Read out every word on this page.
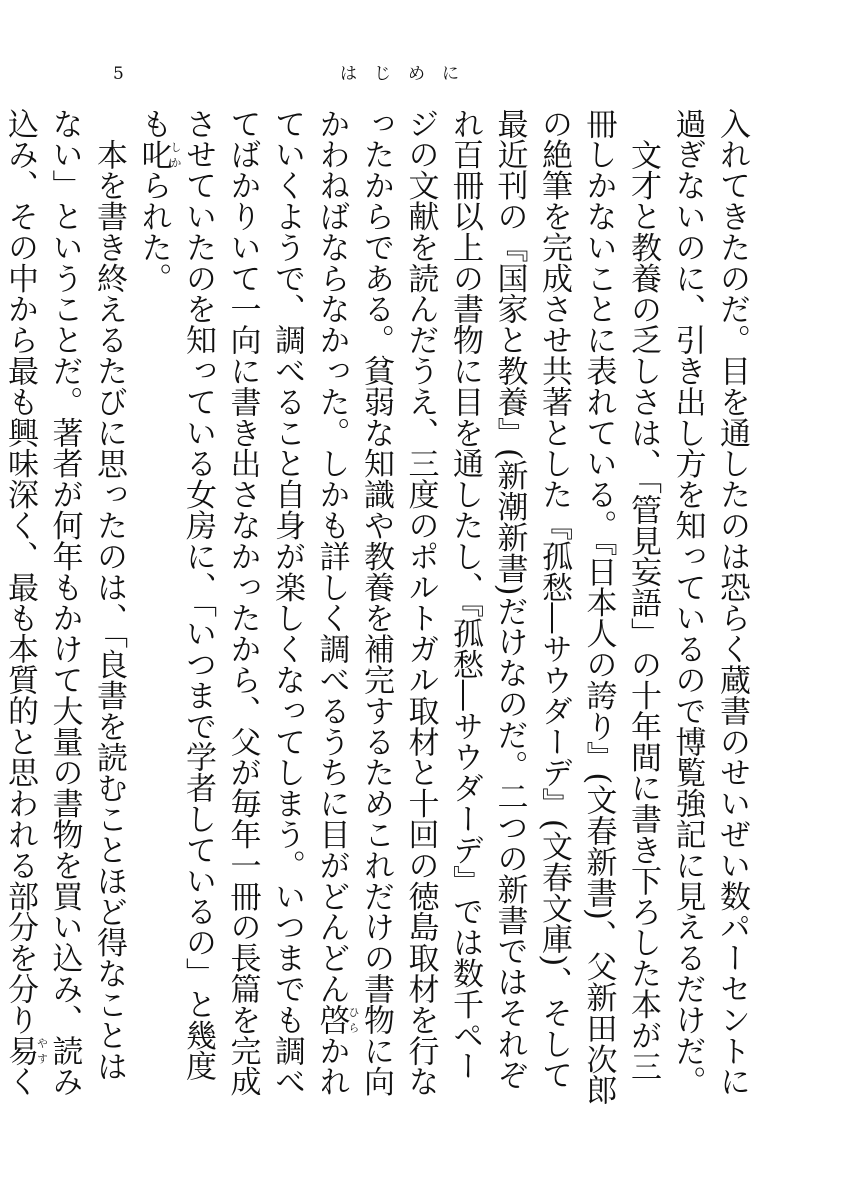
5	はじめに

入れてきたのだ。目を通したのは恐らく蔵書のせいぜい数パーセントに過ぎないのに、引き出し方を知っているので博覧強記に見えるだけだ。

文才と教養の乏しさは、「管見妄語」の十年間に書き下ろした本が三冊しかないことに表れている。『日本人の誇り』(文春新書)、父新田次郎の絶筆を完成させ共著とした『孤愁―サウダーデ』(文春文庫)、そして最近刊の『国家と教養』(新潮新書)だけなのだ。二つの新書ではそれぞれ百冊以上の書物に目を通したし、『孤愁―サウダーデ』では数千ページの文献を読んだうえ、三度のポルトガル取材と十回の徳島取材を行なったからである。貧弱な知識や教養を補完するためこれだけの書物に向かわねばならなかった。しかも詳しく調べるうちに目がどんどん啓ひらかれていくようで、調べること自身が楽しくなってしまう。いつまでも調べてばかりいて一向に書き出さなかったから、父が毎年一冊の長篇を完成させていたのを知っている女房に、「いつまで学者しているの」と幾度も叱しかられた。

本を書き終えるたびに思ったのは、「良書を読むことほど得なことはない」ということだ。著者が何年もかけて大量の書物を買い込み、読み込み、その中から最も興味深く、最も本質的と思われる部分を分り易やすく
